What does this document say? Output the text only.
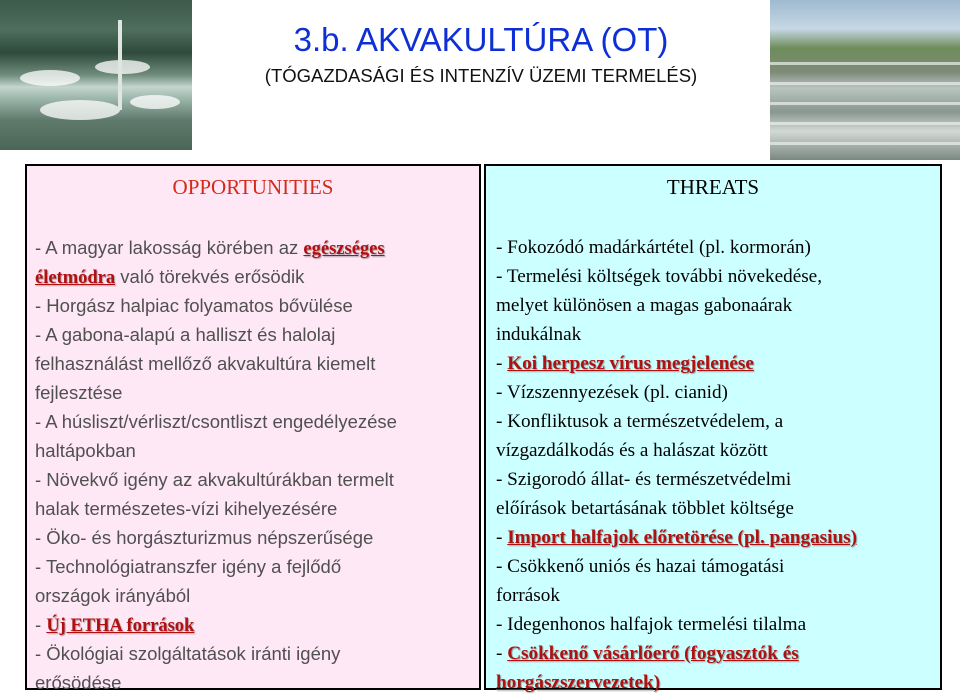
3.b. AKVAKULTÚRA (OT)
(TÓGAZDASÁGI ÉS INTENZÍV ÜZEMI TERMELÉS)
OPPORTUNITIES
- A magyar lakosság körében az egészséges
életmódra való törekvés erősödik
- Horgász halpiac folyamatos bővülése
- A gabona-alapú a halliszt és halolaj
felhasználást mellőző akvakultúra kiemelt
fejlesztése
- A húsliszt/vérliszt/csontliszt engedélyezése
haltápokban
- Növekvő igény az akvakultúrákban termelt
halak természetes-vízi kihelyezésére
- Öko- és horgászturizmus népszerűsége
- Technológiatranszfer igény a fejlődő
országok irányából
- Új ETHA források
- Ökológiai szolgáltatások iránti igény
erősödése
THREATS
- Fokozódó madárkártétel (pl. kormorán)
- Termelési költségek további növekedése,
melyet különösen a magas gabonaárak
indukálnak
- Koi herpesz vírus megjelenése
- Vízszennyezések (pl. cianid)
- Konfliktusok a természetvédelem, a
vízgazdálkodás és a halászat között
- Szigorodó állat- és természetvédelmi
előírások betartásának többlet költsége
- Import halfajok előretörése (pl. pangasius)
- Csökkenő uniós és hazai támogatási
források
- Idegenhonos halfajok termelési tilalma
- Csökkenő vásárlőerő (fogyasztók és
horgászszervezetek)
